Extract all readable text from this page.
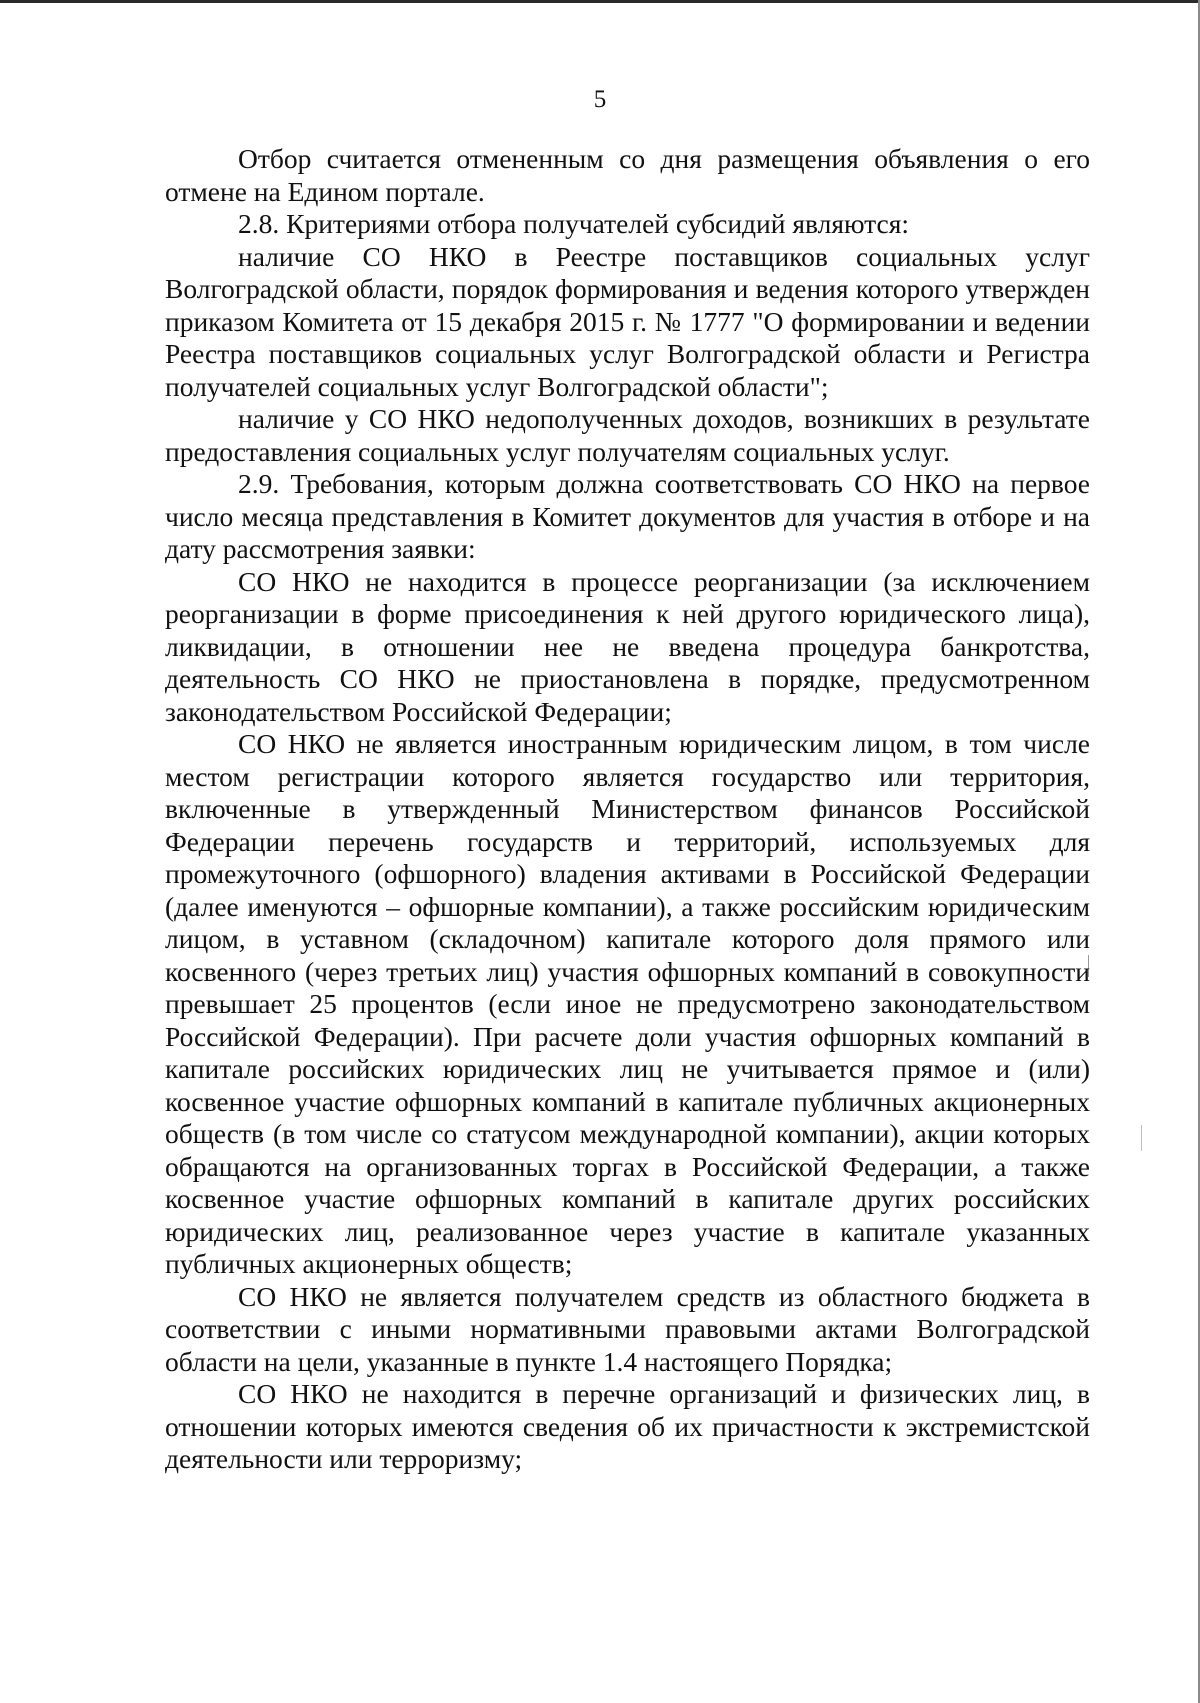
5

Отбор считается отмененным со дня размещения объявления о его отмене на Едином портале.

2.8. Критериями отбора получателей субсидий являются:

наличие СО НКО в Реестре поставщиков социальных услуг Волгоградской области, порядок формирования и ведения которого утвержден приказом Комитета от 15 декабря 2015 г. № 1777 "О формировании и ведении Реестра поставщиков социальных услуг Волгоградской области и Регистра получателей социальных услуг Волгоградской области";

наличие у СО НКО недополученных доходов, возникших в результате предоставления социальных услуг получателям социальных услуг.

2.9. Требования, которым должна соответствовать СО НКО на первое число месяца представления в Комитет документов для участия в отборе и на дату рассмотрения заявки:

СО НКО не находится в процессе реорганизации (за исключением реорганизации в форме присоединения к ней другого юридического лица), ликвидации, в отношении нее не введена процедура банкротства, деятельность СО НКО не приостановлена в порядке, предусмотренном законодательством Российской Федерации;

СО НКО не является иностранным юридическим лицом, в том числе местом регистрации которого является государство или территория, включенные в утвержденный Министерством финансов Российской Федерации перечень государств и территорий, используемых для промежуточного (офшорного) владения активами в Российской Федерации (далее именуются – офшорные компании), а также российским юридическим лицом, в уставном (складочном) капитале которого доля прямого или косвенного (через третьих лиц) участия офшорных компаний в совокупности превышает 25 процентов (если иное не предусмотрено законодательством Российской Федерации). При расчете доли участия офшорных компаний в капитале российских юридических лиц не учитывается прямое и (или) косвенное участие офшорных компаний в капитале публичных акционерных обществ (в том числе со статусом международной компании), акции которых обращаются на организованных торгах в Российской Федерации, а также косвенное участие офшорных компаний в капитале других российских юридических лиц, реализованное через участие в капитале указанных публичных акционерных обществ;

СО НКО не является получателем средств из областного бюджета в соответствии с иными нормативными правовыми актами Волгоградской области на цели, указанные в пункте 1.4 настоящего Порядка;

СО НКО не находится в перечне организаций и физических лиц, в отношении которых имеются сведения об их причастности к экстремистской деятельности или терроризму;
